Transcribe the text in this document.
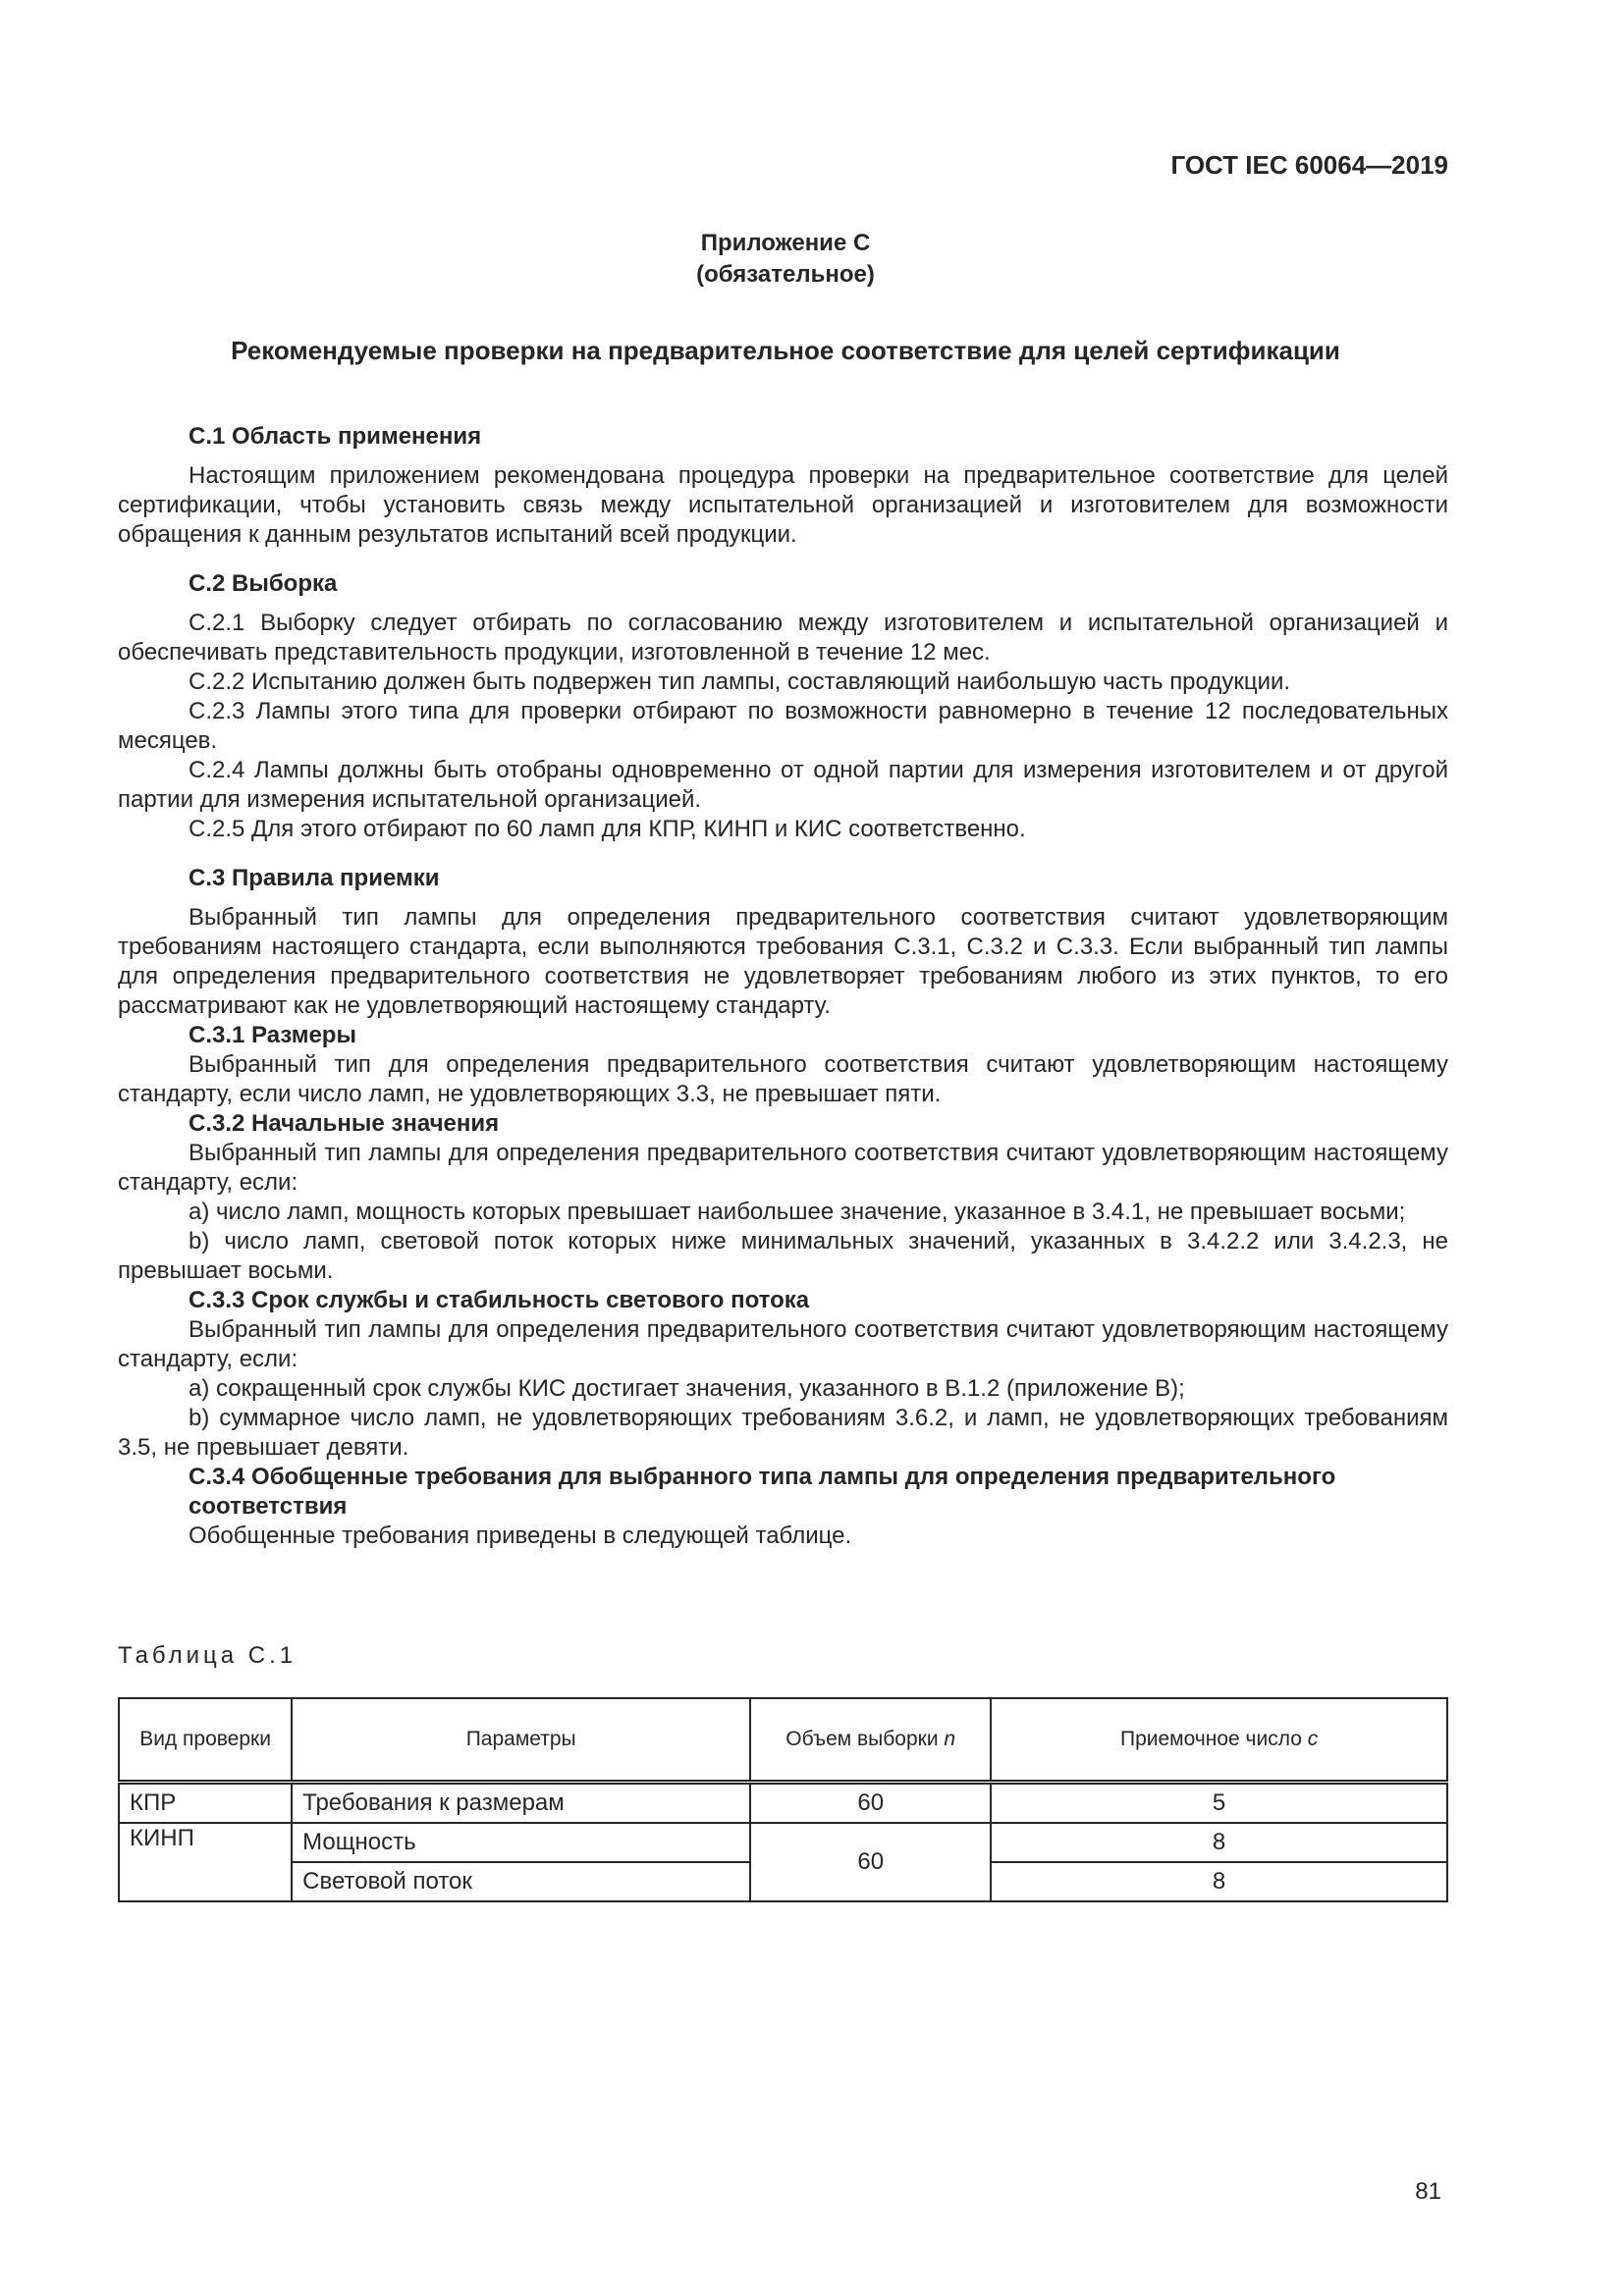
ГОСТ IEC 60064—2019
Приложение С
(обязательное)
Рекомендуемые проверки на предварительное соответствие для целей сертификации
С.1 Область применения

Настоящим приложением рекомендована процедура проверки на предварительное соответствие для целей сертификации, чтобы установить связь между испытательной организацией и изготовителем для возможности обращения к данным результатов испытаний всей продукции.

С.2 Выборка

С.2.1 Выборку следует отбирать по согласованию между изготовителем и испытательной организацией и обеспечивать представительность продукции, изготовленной в течение 12 мес.

С.2.2 Испытанию должен быть подвержен тип лампы, составляющий наибольшую часть продукции.

С.2.3 Лампы этого типа для проверки отбирают по возможности равномерно в течение 12 последовательных месяцев.

С.2.4 Лампы должны быть отобраны одновременно от одной партии для измерения изготовителем и от другой партии для измерения испытательной организацией.

С.2.5 Для этого отбирают по 60 ламп для КПР, КИНП и КИС соответственно.

С.3 Правила приемки

Выбранный тип лампы для определения предварительного соответствия считают удовлетворяющим требованиям настоящего стандарта, если выполняются требования С.3.1, С.3.2 и С.3.3. Если выбранный тип лампы для определения предварительного соответствия не удовлетворяет требованиям любого из этих пунктов, то его рассматривают как не удовлетворяющий настоящему стандарту.

С.3.1 Размеры

Выбранный тип для определения предварительного соответствия считают удовлетворяющим настоящему стандарту, если число ламп, не удовлетворяющих 3.3, не превышает пяти.

С.3.2 Начальные значения

Выбранный тип лампы для определения предварительного соответствия считают удовлетворяющим настоящему стандарту, если:

а) число ламп, мощность которых превышает наибольшее значение, указанное в 3.4.1, не превышает восьми;

b) число ламп, световой поток которых ниже минимальных значений, указанных в 3.4.2.2 или 3.4.2.3, не превышает восьми.

С.3.3 Срок службы и стабильность светового потока

Выбранный тип лампы для определения предварительного соответствия считают удовлетворяющим настоящему стандарту, если:

а) сокращенный срок службы КИС достигает значения, указанного в В.1.2 (приложение В);

b) суммарное число ламп, не удовлетворяющих требованиям 3.6.2, и ламп, не удовлетворяющих требованиям 3.5, не превышает девяти.

С.3.4 Обобщенные требования для выбранного типа лампы для определения предварительного соответствия

Обобщенные требования приведены в следующей таблице.

Таблица С.1
Вид проверки	Параметры	Объем выборки n	Приемочное число c
КПР	Требования к размерам	60	5
КИНП	Мощность	60	8
	Световой поток		8
81
